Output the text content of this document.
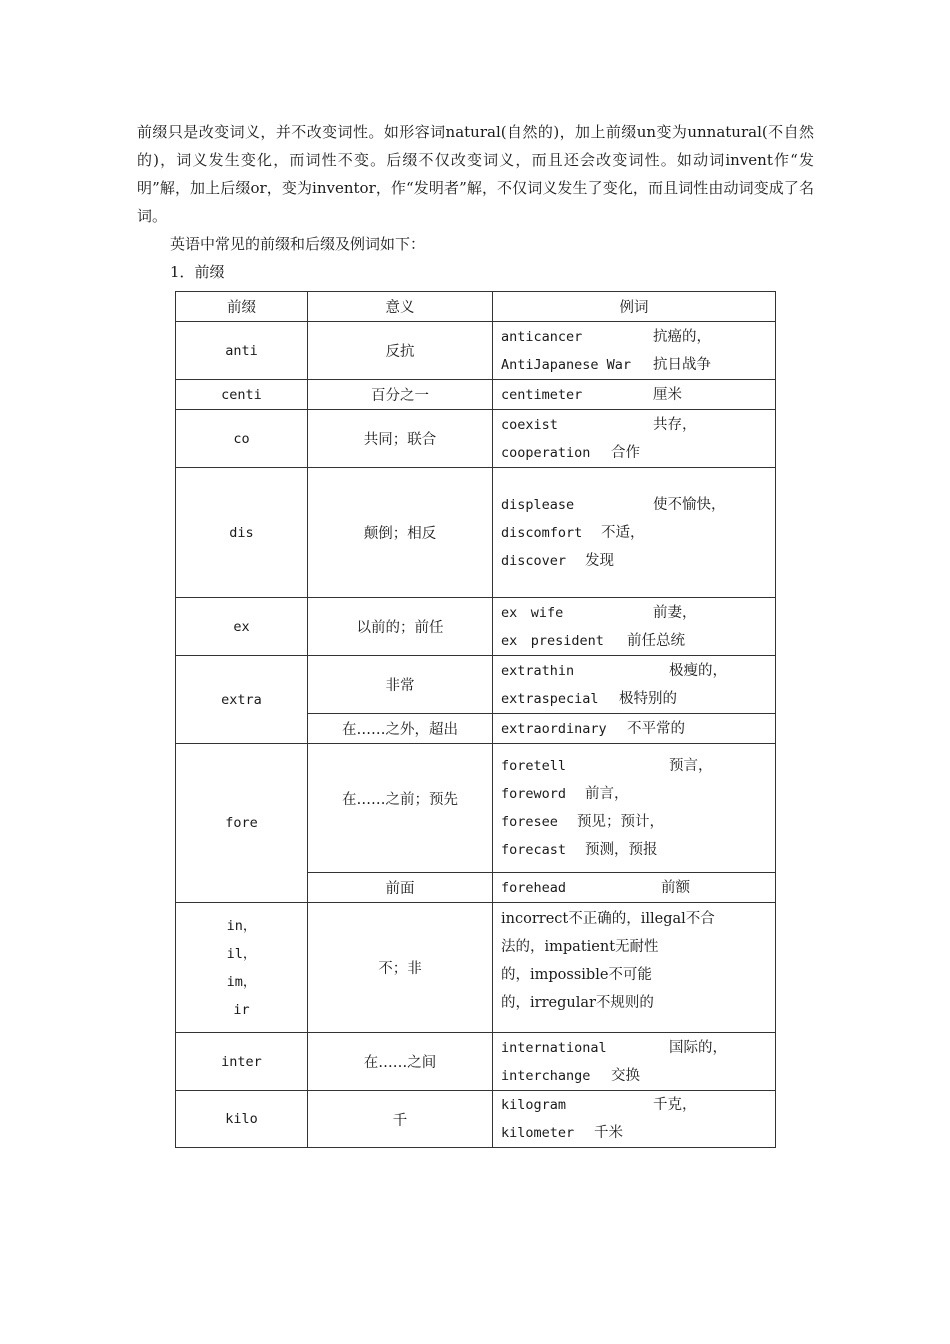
前缀只是改变词义，并不改变词性。如形容词natural(自然的)，加上前缀un变为unnatural(不自然的)，词义发生变化，而词性不变。后缀不仅改变词义，而且还会改变词性。如动词invent作“发明”解，加上后缀or，变为inventor，作“发明者”解，不仅词义发生了变化，而且词性由动词变成了名词。

英语中常见的前缀和后缀及例词如下：

1．前缀

前缀	意义	例词
anti	反抗	anticancer 抗癌的，
AntiJapanese War 抗日战争

centi	百分之一	centimeter 厘米

co	共同；联合	coexist 共存，
cooperation 合作

dis	颠倒；相反	displease 使不愉快，
discomfort 不适，
discover 发现

ex	以前的；前任	ex　wife 前妻，
ex　president 前任总统

extra	非常	extrathin 极瘦的，
extraspecial 极特别的

	在……之外，超出	extraordinary 不平常的

fore	在……之前；预先	foretell 预言，
foreword 前言，
foresee 预见；预计，
forecast 预测，预报

	前面	forehead 前额

in，
il，
im，
ir	不；非	incorrect不正确的，illegal不合
法的，impatient无耐性
的，impossible不可能
的，irregular不规则的

inter	在……之间	international 国际的，
interchange 交换

kilo	千	kilogram 千克，
kilometer 千米
